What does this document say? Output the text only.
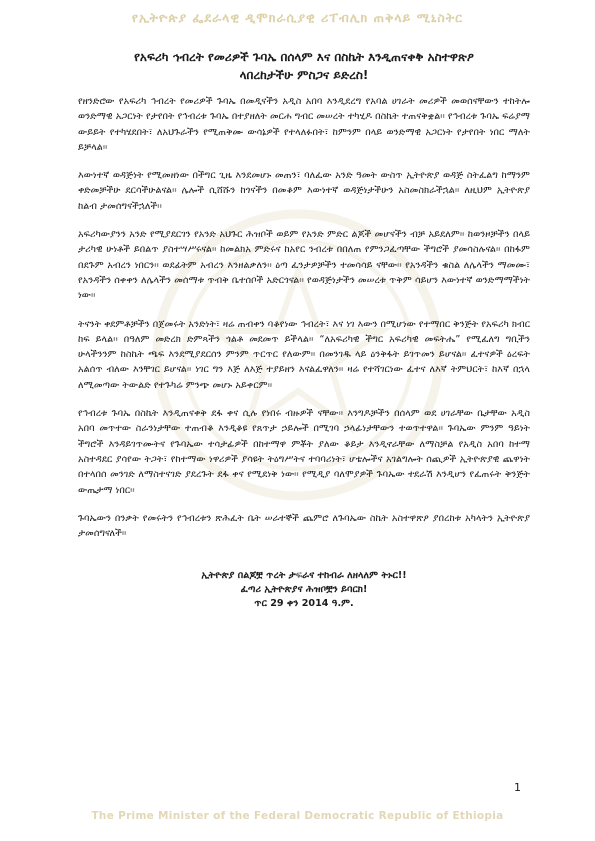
የኢትዮጵያ ፌደራላዊ ዲሞክራሲያዊ ሪፐብሊክ ጠቅላይ ሚኒስትር
የአፍሪካ ኅብረት የመሪዎች ጉባኤ በሰላም እና በስኬት እንዲጠናቀቅ አስተዋጽዖ
ላበረከታችሁ ምስጋና ይድረስ!

የዘንድሮው የአፍሪካ ኅብረት የመሪዎች ጉባኤ በመዲናችን አዲስ አበባ እንዲደረግ የአባል ሀገራት መሪዎች መወሰናቸውን ተከትሎ ወንድማዊ አጋርነት የታየበት የኅብረቱ ጉባኤ በተያዘለት መርሐ ግብር መሠረት ተካሂዶ በስኬት ተጠናቅቋል፡፡ የኅብረቱ ጉባኤ ፍሬያማ ውይይት የተካሄደበት፣ ለአህጉራችን የሚጠቅሙ ውሳኔዎች የተላለፉበት፣ ከምንም በላይ ወንድማዊ አጋርነት የታየበት ነበር ማለት ይቻላል፡፡

እውነተኛ ወዳጅነት የሚመዘነው በችግር ጊዜ እንደመሆኑ መጠን፣ ባለፈው አንድ ዓመት ውስጥ ኢትዮጵያ ወዳጅ ስትፈልግ ከማንም ቀድመቻችሁ ደርሳችሁልናል፡፡ ሌሎች ሲሸሹን ከጎናችን በመቆም እውነተኛ ወዳጅነታችሁን አስመስክራችኋል፡፡ ለዚህም ኢትዮጵያ ከልብ ታመሰግናችኋለች፡፡

አፍሪካውያንን አንድ የሚያደርገን የአንድ አህጉር ሕዝቦች ወይም የአንድ ምድር ልጆች መሆናችን ብቻ አይደለም፡፡ ከወንዞቻችን በላይ ታሪካዊ ሁነቶች ይበልጥ ያስተሣሥሩናል፡፡ ከመልክአ ምድሩና ከአየር ንብረቱ በበለጠ የምንጋፈጣቸው ችግሮች ያመሳስሉናል፡፡ በከፋም በደጉም አብረን ነበርን፡፡ ወደፊትም አብረን እንዘልቃለን፡፡ ዕጣ ፈንታዎቻችን ተመሳሳይ ናቸው፡፡ የአንዳችን ቁስል ለሌላችን ማመሙ፣ የአንዳችን ሰቀቀን ለሌላችን መሰማቱ ጥብቅ ቤተሰቦች አድርጎናል፡፡ የወዳጅነታችን መሠረቱ ጥቅም ሳይሆን እውነተኛ ወንድማማችነት ነው፡፡

ትናንት ቀደምቶቻችን በጀመሩት አንድነት፣ ዛሬ ጠብቀን ባቆየነው ኅብረት፣ እና ነገ እውን በሚሆነው የተማበር ቅንጅት የአፍሪካ ክብር ከፍ ይላል፡፡ በዓለም መድረክ ድምጻችን ጎልቶ መደመጥ ይችላል፡፡ “ለአፍሪካዊ ችግር አፍሪካዊ መፍትሔ” የሚፈለግ ግቢችን ሁላችንንም ከስኬት ጫፍ እንደሚያደርሰን ምንም ጥርጥር የለውም፡፡ በመንገዱ ላይ ዕንቅፋት ይገጥመን ይሆናል፡፡ ፈተናዎች ዕረፍት አልሰጥ ብለው እንቸገር ይሆናል፡፡ ነገር ግን እጅ ለእጅ ተያይዘን እናልፈዋለን፡፡ ዛሬ የተሻገርነው ፈተና ለእኛ ትምህርት፣ ከእኛ በኋላ ለሚመጣው ትውልድ የተጉካሬ ምንጭ መሆኑ አይቀርም፡፡

የኅብረቱ ጉባኤ በስኬት እንዲጠናቀቅ ደፋ ቀና ሲሉ የነበሩ ብዙዎች ናቸው፡፡ እንግዶቻችን በሰላም ወደ ሀገራቸው ቤታቸው አዲስ አበባ መጥተው ስራንነታቸው ተጠብቆ እንዲቆዩ የጸጥታ ኃይሎች በሚገባ ኃላፊነታቸውን ተወጥተዋል፡፡ ጉባኤው ምንም ዓይነት ችግሮች እንዳይገጥሙትና የጉባኤው ተሳታፊዎች በከተማዋ ምቾት ያለው ቆይታ እንዲኖራቸው ለማስቻል የአዲስ አበባ ከተማ አስተዳደር ያሳየው ትጋት፣ የከተማው ነዋሪዎች ያሳዩት ትዕግሥትና ተባባሪነት፣ ሆቴሎችና አገልግሎት ሰጪዎች ኢትዮጵያዊ ጨዋነት በተላበሰ መንገድ ለማስተናገድ ያደረጉት ደፋ ቀና የሚደነቅ ነው፡፡ የሚዲያ ባለሞያዎች ጉባኤው ተደራሽ እንዲሆን የፈጠሩት ቅንጅት ውጤታማ ነበር፡፡

ጉባኤውን በንቃት የመሩትን የኅብረቱን ጽሕፈት ቤት ሠራተኞች ጨምሮ ለጉባኤው ስኬት አስተዋጽዖ ያበረከቱ አካላትን ኢትዮጵያ ታመሰግናለች፡፡

ኢትዮጵያ በልጆቿ ጥረት ታፍራና ተከብራ ለዘላለም ትኑር!!
ፈጣሪ ኢትዮጵያና ሕዝቦቿን ይባርክ!
ጥር 29 ቀን 2014 ዓ.ም.
1
The Prime Minister of the Federal Democratic Republic of Ethiopia
